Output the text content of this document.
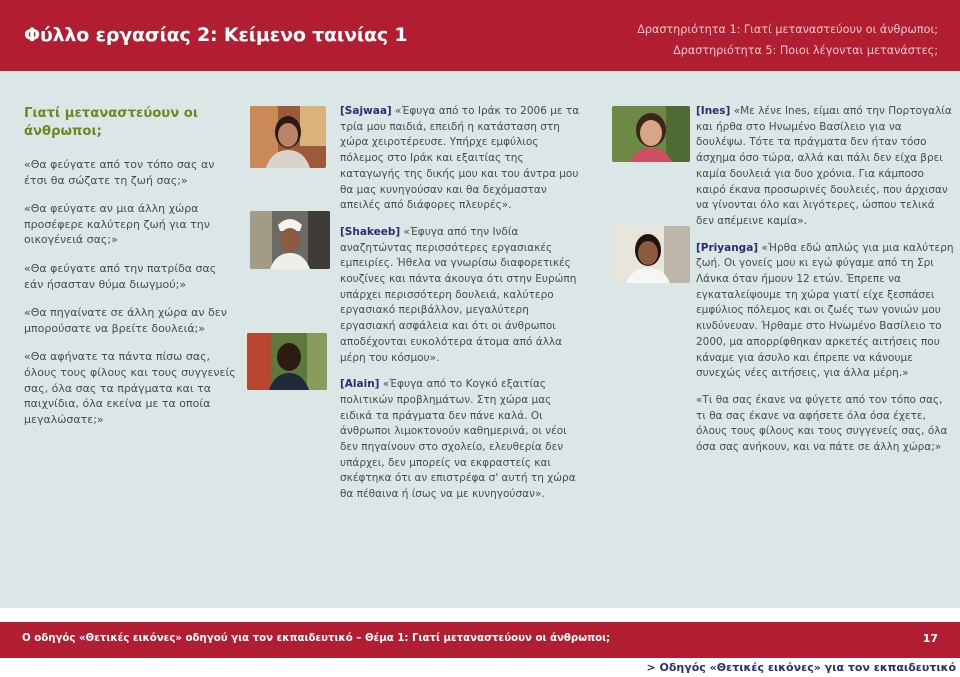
Φύλλο εργασίας 2: Κείμενο ταινίας 1	Δραστηριότητα 1: Γιατί μεταναστεύουν οι άνθρωποι;
Δραστηριότητα 5: Ποιοι λέγονται μετανάστες;
Γιατί μεταναστεύουν οι άνθρωποι;

«Θα φεύγατε από τον τόπο σας αν έτσι θα σώζατε τη ζωή σας;»

«Θα φεύγατε αν μια άλλη χώρα προσέφερε καλύτερη ζωή για την οικογένειά σας;»

«Θα φεύγατε από την πατρίδα σας εάν ήσασταν θύμα διωγμού;»

«Θα πηγαίνατε σε άλλη χώρα αν δεν μπορούσατε να βρείτε δουλειά;»

«Θα αφήνατε τα πάντα πίσω σας, όλους τους φίλους και τους συγγενείς σας, όλα σας τα πράγματα και τα παιχνίδια, όλα εκείνα με τα οποία μεγαλώσατε;»

[Sajwaa] «Έφυγα από το Ιράκ το 2006 με τα τρία μου παιδιά, επειδή η κατάσταση στη χώρα χειροτέρευσε. Υπήρχε εμφύλιος πόλεμος στο Ιράκ και εξαιτίας της καταγωγής της δικής μου και του άντρα μου θα μας κυνηγούσαν και θα δεχόμασταν απειλές από διάφορες πλευρές».

[Shakeeb] «Έφυγα από την Ινδία αναζητώντας περισσότερες εργασιακές εμπειρίες. Ήθελα να γνωρίσω διαφορετικές κουζίνες και πάντα άκουγα ότι στην Ευρώπη υπάρχει περισσότερη δουλειά, καλύτερο εργασιακό περιβάλλον, μεγαλύτερη εργασιακή ασφάλεια και ότι οι άνθρωποι αποδέχονται ευκολότερα άτομα από άλλα μέρη του κόσμου».

[Alain] «Έφυγα από το Κογκό εξαιτίας πολιτικών προβλημάτων. Στη χώρα μας ειδικά τα πράγματα δεν πάνε καλά. Οι άνθρωποι λιμοκτονούν καθημερινά, οι νέοι δεν πηγαίνουν στο σχολείο, ελευθερία δεν υπάρχει, δεν μπορείς να εκφραστείς και σκέφτηκα ότι αν επιστρέφα σ' αυτή τη χώρα θα πέθαινα ή ίσως να με κυνηγούσαν».

[Ines] «Με λένε Ines, είμαι από την Πορτογαλία και ήρθα στο Ηνωμένο Βασίλειο για να δουλέψω. Τότε τα πράγματα δεν ήταν τόσο άσχημα όσο τώρα, αλλά και πάλι δεν είχα βρει καμία δουλειά για δυο χρόνια. Για κάμποσο καιρό έκανα προσωρινές δουλειές, που άρχισαν να γίνονται όλο και λιγότερες, ώσπου τελικά δεν απέμεινε καμία».

[Priyanga] «Ήρθα εδώ απλώς για μια καλύτερη ζωή. Οι γονείς μου κι εγώ φύγαμε από τη Σρι Λάνκα όταν ήμουν 12 ετών. Έπρεπε να εγκαταλείψουμε τη χώρα γιατί είχε ξεσπάσει εμφύλιος πόλεμος και οι ζωές των γονιών μου κινδύνευαν. Ήρθαμε στο Ηνωμένο Βασίλειο το 2000, μα απορρίφθηκαν αρκετές αιτήσεις που κάναμε για άσυλο και έπρεπε να κάνουμε συνεχώς νέες αιτήσεις, για άλλα μέρη.»

«Τι θα σας έκανε να φύγετε από τον τόπο σας, τι θα σας έκανε να αφήσετε όλα όσα έχετε, όλους τους φίλους και τους συγγενείς σας, όλα όσα σας ανήκουν, και να πάτε σε άλλη χώρα;»

Ο οδηγός «Θετικές εικόνες» οδηγού για τον εκπαιδευτικό – Θέμα 1: Γιατί μεταναστεύουν οι άνθρωποι;	17
> Οδηγός «Θετικές εικόνες» για τον εκπαιδευτικό
